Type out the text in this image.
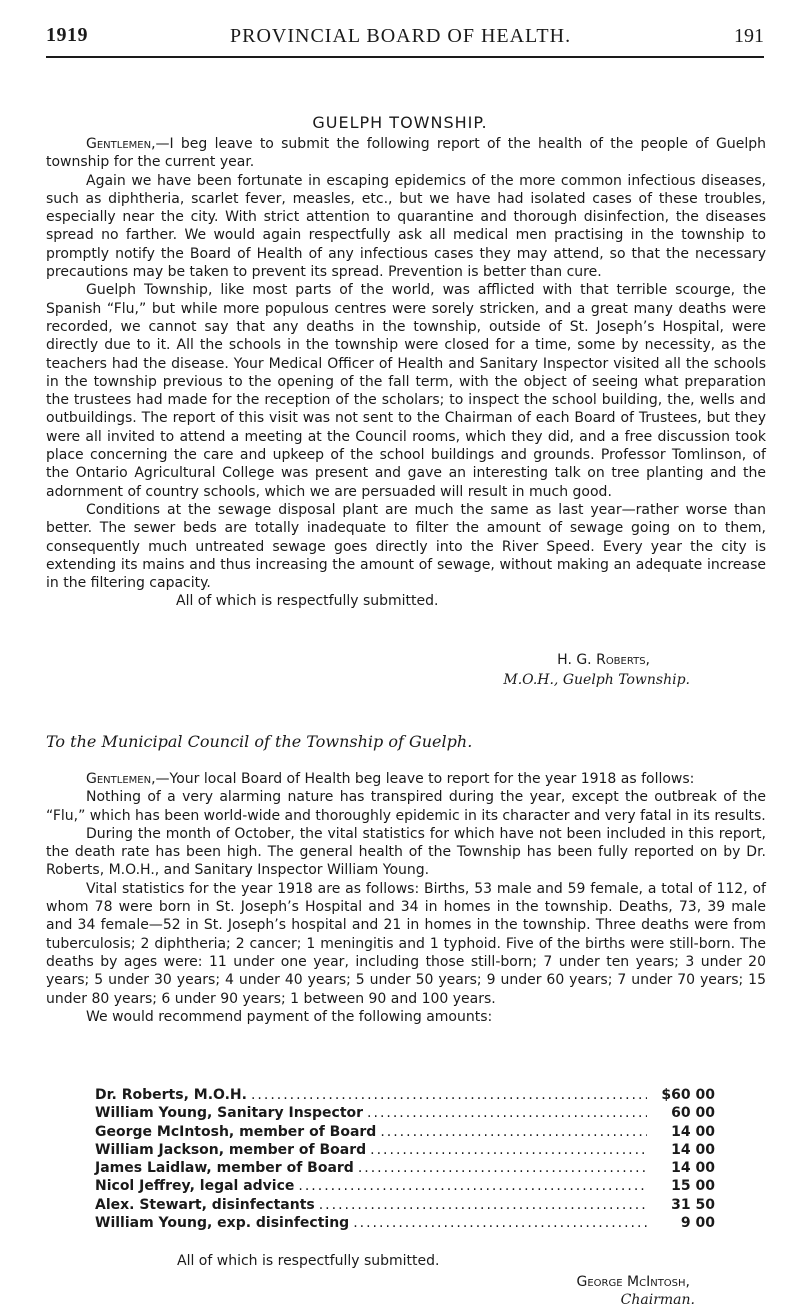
1919	PROVINCIAL BOARD OF HEALTH.	191
GUELPH TOWNSHIP.

Gentlemen,—I beg leave to submit the following report of the health of the people of Guelph township for the current year.

Again we have been fortunate in escaping epidemics of the more common infectious diseases, such as diphtheria, scarlet fever, measles, etc., but we have had isolated cases of these troubles, especially near the city. With strict attention to quarantine and thorough disinfection, the diseases spread no farther. We would again respectfully ask all medical men practising in the township to promptly notify the Board of Health of any infectious cases they may attend, so that the necessary precautions may be taken to prevent its spread. Prevention is better than cure.

Guelph Township, like most parts of the world, was afflicted with that terrible scourge, the Spanish “Flu,” but while more populous centres were sorely stricken, and a great many deaths were recorded, we cannot say that any deaths in the township, outside of St. Joseph’s Hospital, were directly due to it. All the schools in the township were closed for a time, some by necessity, as the teachers had the disease. Your Medical Officer of Health and Sanitary Inspector visited all the schools in the township previous to the opening of the fall term, with the object of seeing what preparation the trustees had made for the reception of the scholars; to inspect the school building, the, wells and outbuildings. The report of this visit was not sent to the Chairman of each Board of Trustees, but they were all invited to attend a meeting at the Council rooms, which they did, and a free discussion took place concerning the care and upkeep of the school buildings and grounds. Professor Tomlinson, of the Ontario Agricultural College was present and gave an interesting talk on tree planting and the adornment of country schools, which we are persuaded will result in much good.

Conditions at the sewage disposal plant are much the same as last year—rather worse than better. The sewer beds are totally inadequate to filter the amount of sewage going on to them, consequently much untreated sewage goes directly into the River Speed. Every year the city is extending its mains and thus increasing the amount of sewage, without making an adequate increase in the filtering capacity.

All of which is respectfully submitted.

H. G. Roberts,
M.O.H., Guelph Township.
To the Municipal Council of the Township of Guelph.

Gentlemen,—Your local Board of Health beg leave to report for the year 1918 as follows:

Nothing of a very alarming nature has transpired during the year, except the outbreak of the “Flu,” which has been world-wide and thoroughly epidemic in its character and very fatal in its results.

During the month of October, the vital statistics for which have not been included in this report, the death rate has been high. The general health of the Township has been fully reported on by Dr. Roberts, M.O.H., and Sanitary Inspector William Young.

Vital statistics for the year 1918 are as follows: Births, 53 male and 59 female, a total of 112, of whom 78 were born in St. Joseph’s Hospital and 34 in homes in the township. Deaths, 73, 39 male and 34 female—52 in St. Joseph’s hospital and 21 in homes in the township. Three deaths were from tuberculosis; 2 diphtheria; 2 cancer; 1 meningitis and 1 typhoid. Five of the births were still-born. The deaths by ages were: 11 under one year, including those still-born; 7 under ten years; 3 under 20 years; 5 under 30 years; 4 under 40 years; 5 under 50 years; 9 under 60 years; 7 under 70 years; 15 under 80 years; 6 under 90 years; 1 between 90 and 100 years.

We would recommend payment of the following amounts:

Dr. Roberts, M.O.H. .....	$60 00
William Young, Sanitary Inspector .....	60 00
George McIntosh, member of Board .....	14 00
William Jackson, member of Board .....	14 00
James Laidlaw, member of Board .....	14 00
Nicol Jeffrey, legal advice .....	15 00
Alex. Stewart, disinfectants .....	31 50
William Young, exp. disinfecting .....	9 00
All of which is respectfully submitted.
George McIntosh,
Chairman.
